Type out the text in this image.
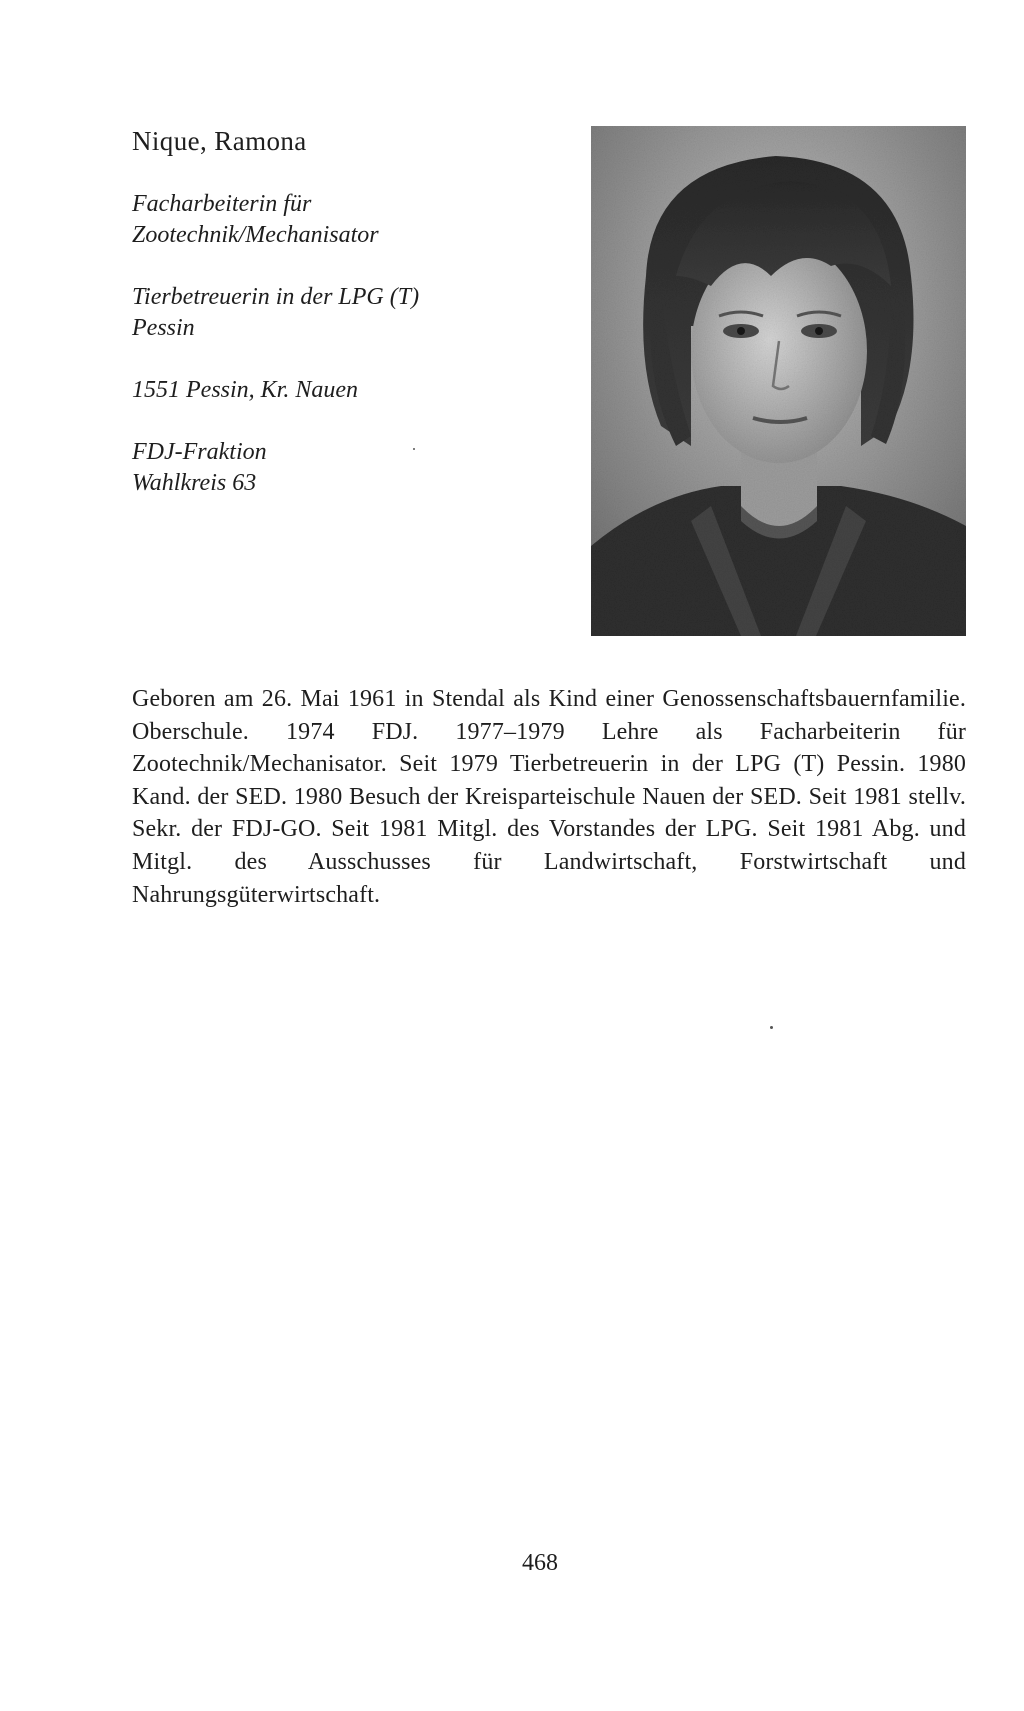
Nique, Ramona
Facharbeiterin für
Zootechnik/Mechanisator
Tierbetreuerin in der LPG (T)
Pessin
1551 Pessin, Kr. Nauen
FDJ-Fraktion
Wahlkreis 63

Geboren am 26. Mai 1961 in Stendal als Kind einer Genossenschaftsbauernfamilie. Oberschule. 1974 FDJ. 1977–1979 Lehre als Facharbeiterin für Zootechnik/Mechanisator. Seit 1979 Tierbetreuerin in der LPG (T) Pessin. 1980 Kand. der SED. 1980 Besuch der Kreisparteischule Nauen der SED. Seit 1981 stellv. Sekr. der FDJ-GO. Seit 1981 Mitgl. des Vorstandes der LPG. Seit 1981 Abg. und Mitgl. des Ausschusses für Landwirtschaft, Forstwirtschaft und Nahrungsgüterwirtschaft.

468
